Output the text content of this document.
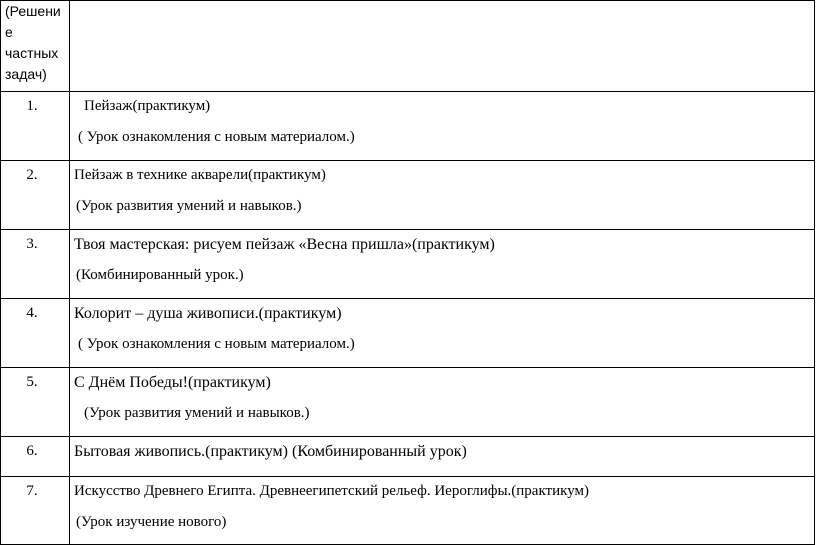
(Решени
е
частных
задач)	

1.	Пейзаж(практикум)
( Урок ознакомления с новым материалом.)

2.	Пейзаж в технике акварели(практикум)
(Урок развития умений и навыков.)

3.	Твоя мастерская: рисуем пейзаж «Весна пришла»(практикум)
(Комбинированный урок.)

4.	Колорит – душа живописи.(практикум)
( Урок ознакомления с новым материалом.)

5.	С Днём Победы!(практикум)
(Урок развития умений и навыков.)

6.	Бытовая живопись.(практикум) (Комбинированный урок)

7.	Искусство Древнего Египта. Древнеегипетский рельеф. Иероглифы.(практикум)
(Урок изучение нового)
